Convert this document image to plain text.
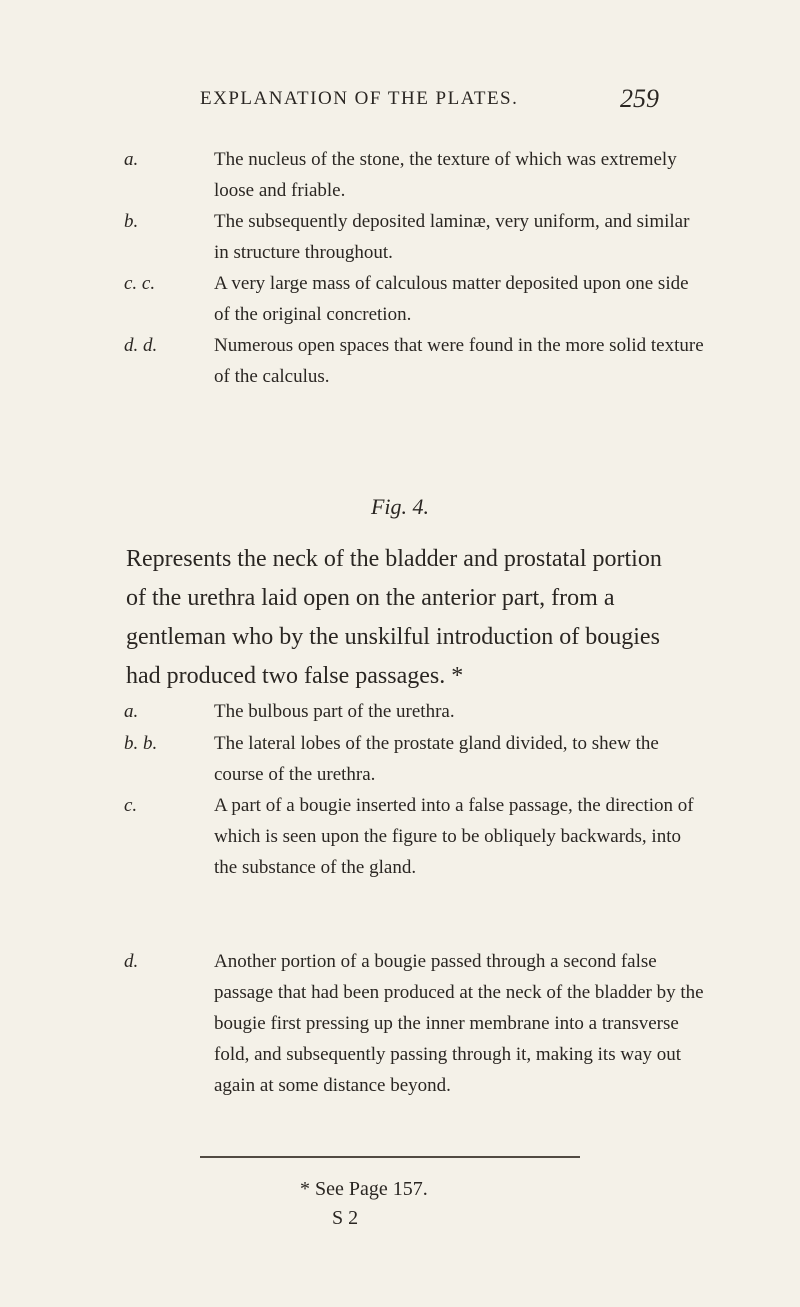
EXPLANATION OF THE PLATES.	259
a.	The nucleus of the stone, the texture of which was extremely loose and friable.
b.	The subsequently deposited laminæ, very uniform, and similar in structure throughout.
c. c.	A very large mass of calculous matter deposited upon one side of the original concretion.
d. d.	Numerous open spaces that were found in the more solid texture of the calculus.
Fig. 4.
Represents the neck of the bladder and prostatal portion of the urethra laid open on the anterior part, from a gentleman who by the unskilful introduction of bougies had produced two false passages. *
a.	The bulbous part of the urethra.
b. b.	The lateral lobes of the prostate gland divided, to shew the course of the urethra.
c.	A part of a bougie inserted into a false passage, the direction of which is seen upon the figure to be obliquely backwards, into the substance of the gland.
d.	Another portion of a bougie passed through a second false passage that had been produced at the neck of the bladder by the bougie first pressing up the inner membrane into a transverse fold, and subsequently passing through it, making its way out again at some distance beyond.
* See Page 157.
S 2
